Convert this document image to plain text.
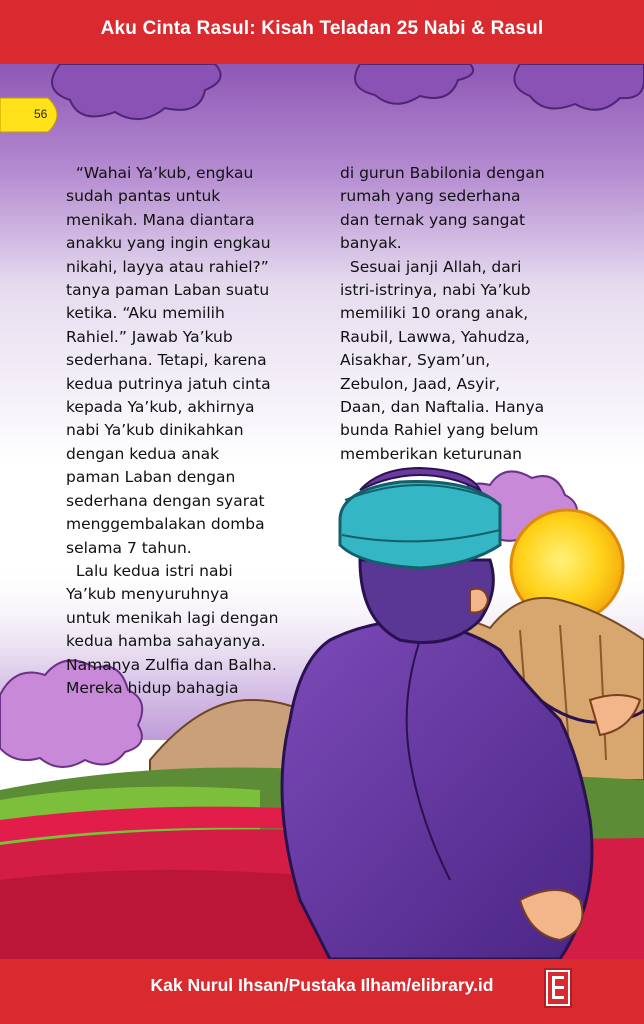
Aku Cinta Rasul: Kisah Teladan 25 Nabi & Rasul
56
“Wahai Ya’kub, engkau
sudah pantas untuk
menikah. Mana diantara
anakku yang ingin engkau
nikahi, layya atau rahiel?”
tanya paman Laban suatu
ketika. “Aku memilih
Rahiel.” Jawab Ya’kub
sederhana. Tetapi, karena
kedua putrinya jatuh cinta
kepada Ya’kub, akhirnya
nabi Ya’kub dinikahkan
dengan kedua anak
paman Laban dengan
sederhana dengan syarat
menggembalakan domba
selama 7 tahun.
Lalu kedua istri nabi
Ya’kub menyuruhnya
untuk menikah lagi dengan
kedua hamba sahayanya.
Namanya Zulfia dan Balha.
Mereka hidup bahagia
di gurun Babilonia dengan
rumah yang sederhana
dan ternak yang sangat
banyak.
Sesuai janji Allah, dari
istri-istrinya, nabi Ya’kub
memiliki 10 orang anak,
Raubil, Lawwa, Yahudza,
Aisakhar, Syam’un,
Zebulon, Jaad, Asyir,
Daan, dan Naftalia. Hanya
bunda Rahiel yang belum
memberikan keturunan
Kak Nurul Ihsan/Pustaka Ilham/elibrary.id
